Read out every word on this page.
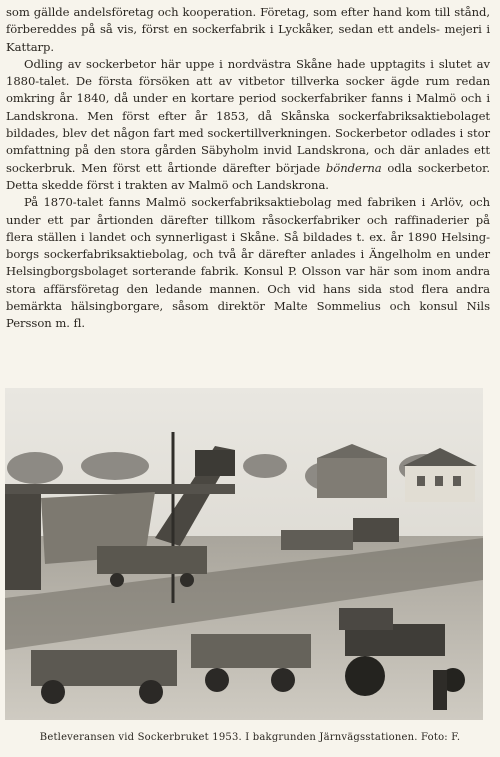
som gällde andelsföretag och kooperation. Företag, som efter hand kom till stånd, förbereddes på så vis, först en sockerfabrik i Lyckåker, sedan ett andels- mejeri i Kattarp.

Odling av sockerbetor här uppe i nordvästra Skåne hade upptagits i slutet av 1880-talet. De första försöken att av vitbetor tillverka socker ägde rum redan omkring år 1840, då under en kortare period sockerfabriker fanns i Malmö och i Landskrona. Men först efter år 1853, då Skånska sockerfabriksaktiebolaget bildades, blev det någon fart med sockertillverkningen. Sockerbetor odlades i stor omfattning på den stora gården Säbyholm invid Landskrona, och där anlades ett sockerbruk. Men först ett årtionde därefter började bönderna odla sockerbetor. Detta skedde först i trakten av Malmö och Landskrona.

På 1870-talet fanns Malmö sockerfabriksaktiebolag med fabriken i Arlöv, och under ett par årtionden därefter tillkom råsockerfabriker och raffinaderier på flera ställen i landet och synnerligast i Skåne. Så bildades t. ex. år 1890 Helsing- borgs sockerfabriksaktiebolag, och två år därefter anlades i Ängelholm en under Helsingborgsbolaget sorterande fabrik. Konsul P. Olsson var här som inom andra stora affärsföretag den ledande mannen. Och vid hans sida stod flera andra bemärkta hälsingborgare, såsom direktör Malte Sommelius och konsul Nils Persson m. fl.

Betleveransen vid Sockerbruket 1953. I bakgrunden Järnvägsstationen. Foto: F.
